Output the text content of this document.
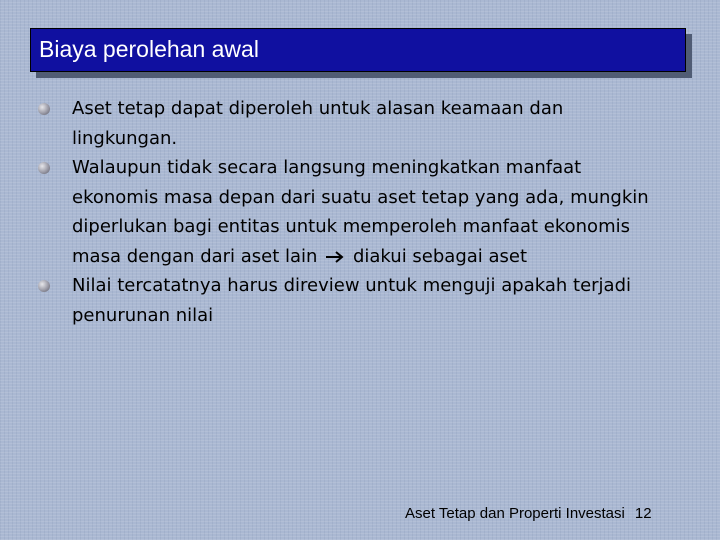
Biaya perolehan awal
Aset tetap dapat diperoleh untuk alasan keamaan dan lingkungan.
Walaupun tidak secara langsung meningkatkan manfaat ekonomis masa depan dari suatu aset tetap yang ada, mungkin diperlukan bagi entitas untuk memperoleh manfaat ekonomis masa dengan dari aset lain diakui sebagai aset
Nilai tercatatnya harus direview untuk menguji apakah terjadi penurunan nilai
Aset Tetap dan Properti Investasi 12
